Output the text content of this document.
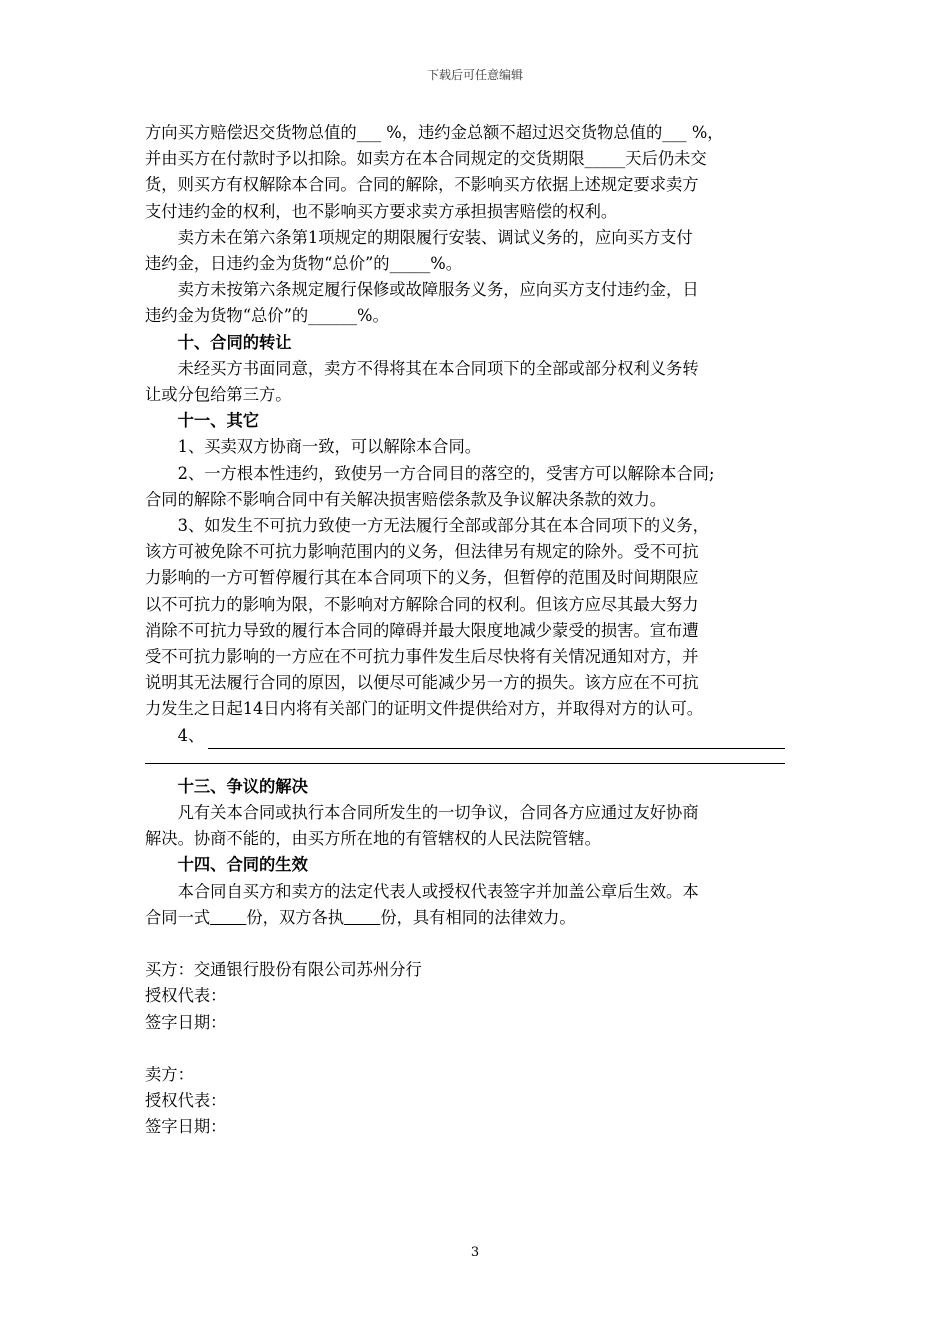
下载后可任意编辑

方向买方赔偿迟交货物总值的___ %，违约金总额不超过迟交货物总值的___ %，

并由买方在付款时予以扣除。如卖方在本合同规定的交货期限_____天后仍未交

货，则买方有权解除本合同。合同的解除，不影响买方依据上述规定要求卖方

支付违约金的权利，也不影响买方要求卖方承担损害赔偿的权利。

卖方未在第六条第1项规定的期限履行安装、调试义务的，应向买方支付

违约金，日违约金为货物“总价”的_____%。

卖方未按第六条规定履行保修或故障服务义务，应向买方支付违约金，日

违约金为货物“总价”的______%。

十、合同的转让

未经买方书面同意，卖方不得将其在本合同项下的全部或部分权利义务转

让或分包给第三方。

十一、其它

1、买卖双方协商一致，可以解除本合同。

2、一方根本性违约，致使另一方合同目的落空的，受害方可以解除本合同;

合同的解除不影响合同中有关解决损害赔偿条款及争议解决条款的效力。

3、如发生不可抗力致使一方无法履行全部或部分其在本合同项下的义务，

该方可被免除不可抗力影响范围内的义务，但法律另有规定的除外。受不可抗

力影响的一方可暂停履行其在本合同项下的义务，但暂停的范围及时间期限应

以不可抗力的影响为限，不影响对方解除合同的权利。但该方应尽其最大努力

消除不可抗力导致的履行本合同的障碍并最大限度地减少蒙受的损害。宣布遭

受不可抗力影响的一方应在不可抗力事件发生后尽快将有关情况通知对方，并

说明其无法履行合同的原因，以便尽可能减少另一方的损失。该方应在不可抗

力发生之日起14日内将有关部门的证明文件提供给对方，并取得对方的认可。

4、

十三、争议的解决

凡有关本合同或执行本合同所发生的一切争议，合同各方应通过友好协商

解决。协商不能的，由买方所在地的有管辖权的人民法院管辖。

十四、合同的生效

本合同自买方和卖方的法定代表人或授权代表签字并加盖公章后生效。本

合同一式 份，双方各执 份，具有相同的法律效力。

买方：交通银行股份有限公司苏州分行

授权代表：

签字日期：

卖方：

授权代表：

签字日期：

3
